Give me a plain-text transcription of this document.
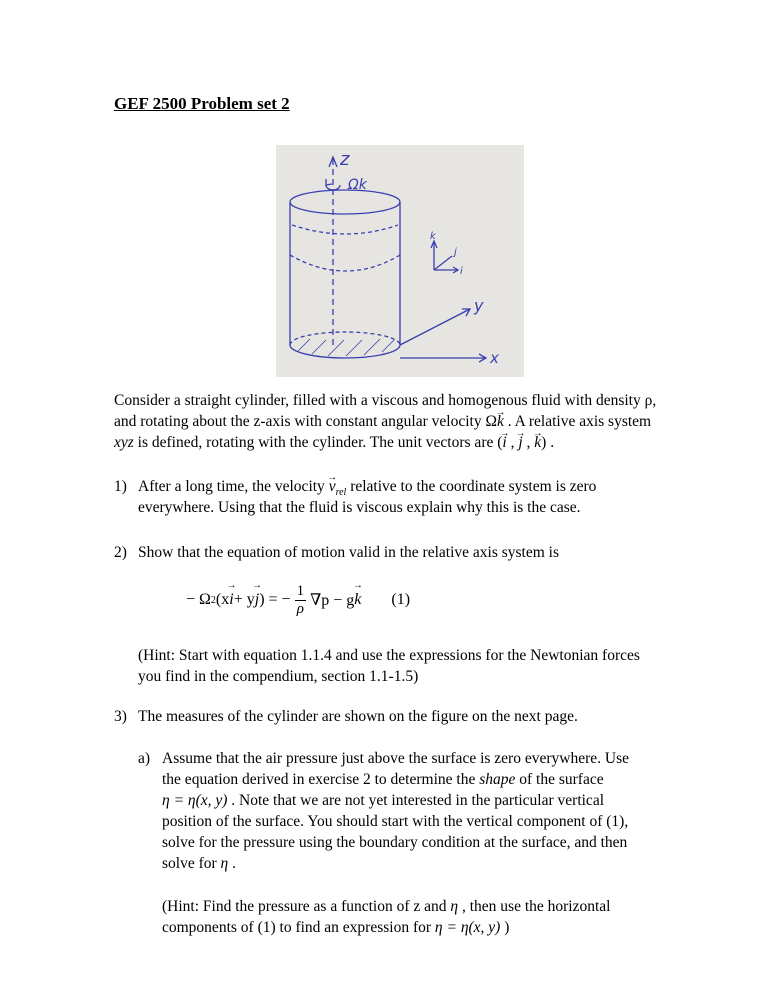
GEF 2500 Problem set 2
z
Ωk
k
j
i
y
x
Consider a straight cylinder, filled with a viscous and homogenous fluid with density ρ,
and rotating about the z-axis with constant angular velocity Ω→ k . A relative axis system
xyz is defined, rotating with the cylinder. The unit vectors are (→ i , → j , → k) .
1) After a long time, the velocity → $v_{rel}$ relative to the coordinate system is zero
everywhere. Using that the fluid is viscous explain why this is the case.
2) Show that the equation of motion valid in the relative axis system is
− Ω 2 (x
→ i + y
→ j ) = − $\frac{1}{\rho} \nabla p - g$
→ k (1)
(Hint: Start with equation 1.1.4 and use the expressions for the Newtonian forces
you find in the compendium, section 1.1-1.5)
3) The measures of the cylinder are shown on the figure on the next page.
a) Assume that the air pressure just above the surface is zero everywhere. Use
the equation derived in exercise 2 to determine the shape of the surface
η = η(x, y) . Note that we are not yet interested in the particular vertical
position of the surface. You should start with the vertical component of (1),
solve for the pressure using the boundary condition at the surface, and then
solve for η .
(Hint: Find the pressure as a function of z and η , then use the horizontal
components of (1) to find an expression for η = η(x, y) )
